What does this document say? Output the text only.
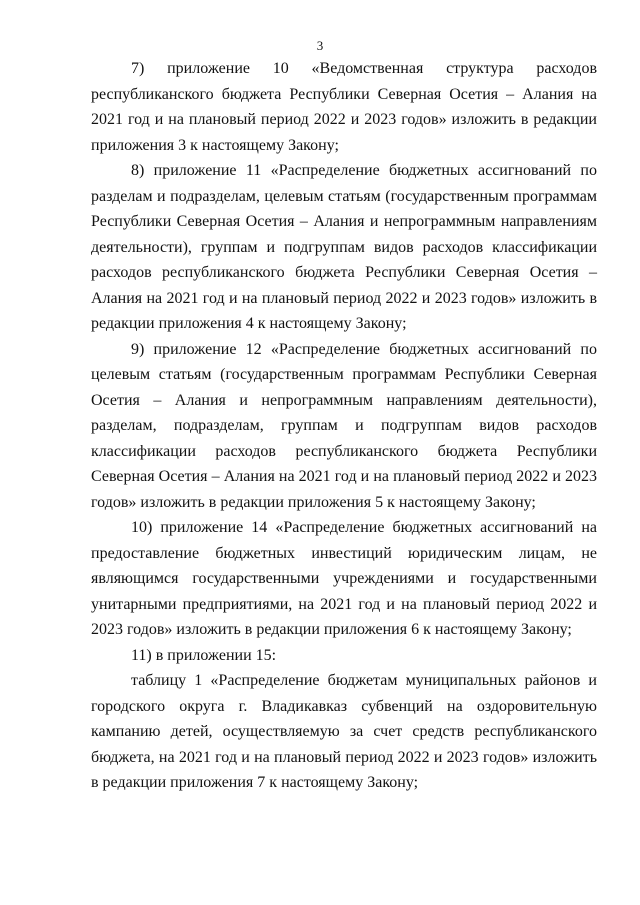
3

7) приложение 10 «Ведомственная структура расходов республиканского бюджета Республики Северная Осетия – Алания на 2021 год и на плановый период 2022 и 2023 годов» изложить в редакции приложения 3 к настоящему Закону;

8) приложение 11 «Распределение бюджетных ассигнований по разделам и подразделам, целевым статьям (государственным программам Республики Северная Осетия – Алания и непрограммным направлениям деятельности), группам и подгруппам видов расходов классификации расходов республиканского бюджета Республики Северная Осетия – Алания на 2021 год и на плановый период 2022 и 2023 годов» изложить в редакции приложения 4 к настоящему Закону;

9) приложение 12 «Распределение бюджетных ассигнований по целевым статьям (государственным программам Республики Северная Осетия – Алания и непрограммным направлениям деятельности), разделам, подразделам, группам и подгруппам видов расходов классификации расходов республиканского бюджета Республики Северная Осетия – Алания на 2021 год и на плановый период 2022 и 2023 годов» изложить в редакции приложения 5 к настоящему Закону;

10) приложение 14 «Распределение бюджетных ассигнований на предоставление бюджетных инвестиций юридическим лицам, не являющимся государственными учреждениями и государственными унитарными предприятиями, на 2021 год и на плановый период 2022 и 2023 годов» изложить в редакции приложения 6 к настоящему Закону;

11) в приложении 15:

таблицу 1 «Распределение бюджетам муниципальных районов и городского округа г. Владикавказ субвенций на оздоровительную кампанию детей, осуществляемую за счет средств республиканского бюджета, на 2021 год и на плановый период 2022 и 2023 годов» изложить в редакции приложения 7 к настоящему Закону;
